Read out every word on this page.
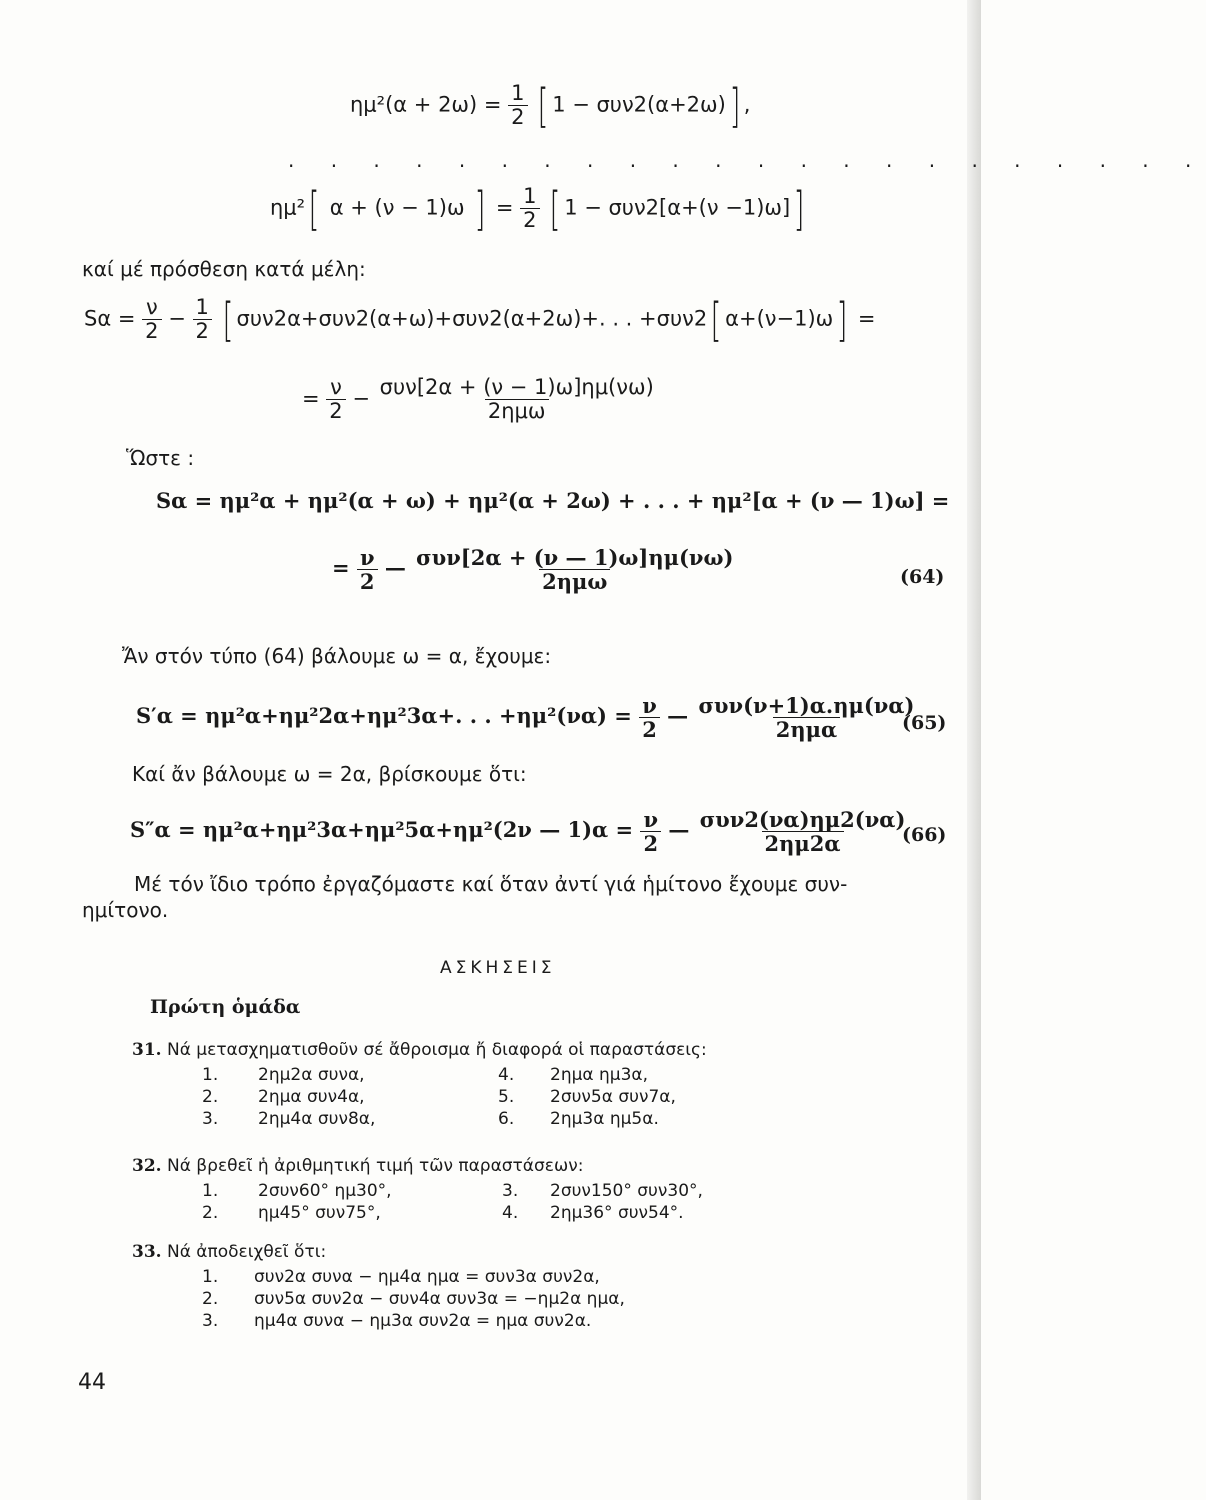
$\eta\mu^2(\alpha + 2\omega) = \frac{1}{2}$ [ 1 − συν2(α+2ω)] ,
. . . . . . . . . . . . . . . . . . . . . .
ημ²[ α + (ν − 1)ω ] = $\frac{1}{2}$ [ 1 − συν2[α+(ν −1)ω]]
καί μέ πρόσθεση κατά μέλη:
$S\alpha = \frac{\nu}{2} - \frac{1}{2}$ [ συν2α+συν2(α+ω)+συν2(α+2ω)+. . . +συν2[ α+(ν−1)ω] =
= $\frac{\nu}{2} - \frac{\text{συν[2α + (ν − 1)ω]ημ(νω)}}{\text{2ημω}}$
Ὥστε :
Sα = ημ²α + ημ²(α + ω) + ημ²(α + 2ω) + . . . + ημ²[α + (ν — 1)ω] =
= $\frac{\nu}{2}$ — $\frac{\text{συν[2α + (ν — 1)ω]ημ(νω)}}{\text{2ημω}}$	(64)
Ἄν στόν τύπο (64) βάλουμε ω = α, ἔχουμε:
S′α = ημ²α+ημ²2α+ημ²3α+. . . $+\eta\mu^2(\nu\alpha) = \frac{\nu}{2}$ — $\frac{\text{συν(ν+1)α.ημ(να)}}{\text{2ημα}}$
(65)
Καί ἄν βάλουμε ω = 2α, βρίσκουμε ὅτι:
S″α = ημ²α+ημ²3α+ημ²5α+ημ²(2ν — $1)\alpha = \frac{\nu}{2}$ — $\frac{\text{συν2(να)ημ2(να)}}{2\eta\mu 2\alpha}$
(66)
Μέ τόν ἴδιο τρόπο ἐργαζόμαστε καί ὅταν ἀντί γιά ἡμίτονο ἔχουμε συν-
ημίτονο.
ΑΣΚΗΣΕΙΣ
Πρώτη ὁμάδα
31. Νά μετασχηματισθοῦν σέ ἄθροισμα ἤ διαφορά οἱ παραστάσεις:
1.	2ημ2α συνα,	4.	2ημα ημ3α,
2.	2ημα συν4α,	5.	2συν5α συν7α,
3.	2ημ4α συν8α,	6.	2ημ3α ημ5α.
32. Νά βρεθεῖ ἡ ἀριθμητική τιμή τῶν παραστάσεων:
1.	2συν60° ημ30°,	3.	2συν150° συν30°,
2.	ημ45° συν75°,	4.	2ημ36° συν54°.
33. Νά ἀποδειχθεῖ ὅτι:
1.	συν2α συνα − ημ4α ημα = συν3α συν2α,
2.	συν5α συν2α − συν4α συν3α = −ημ2α ημα,
3.	ημ4α συνα − ημ3α συν2α = ημα συν2α.
44
